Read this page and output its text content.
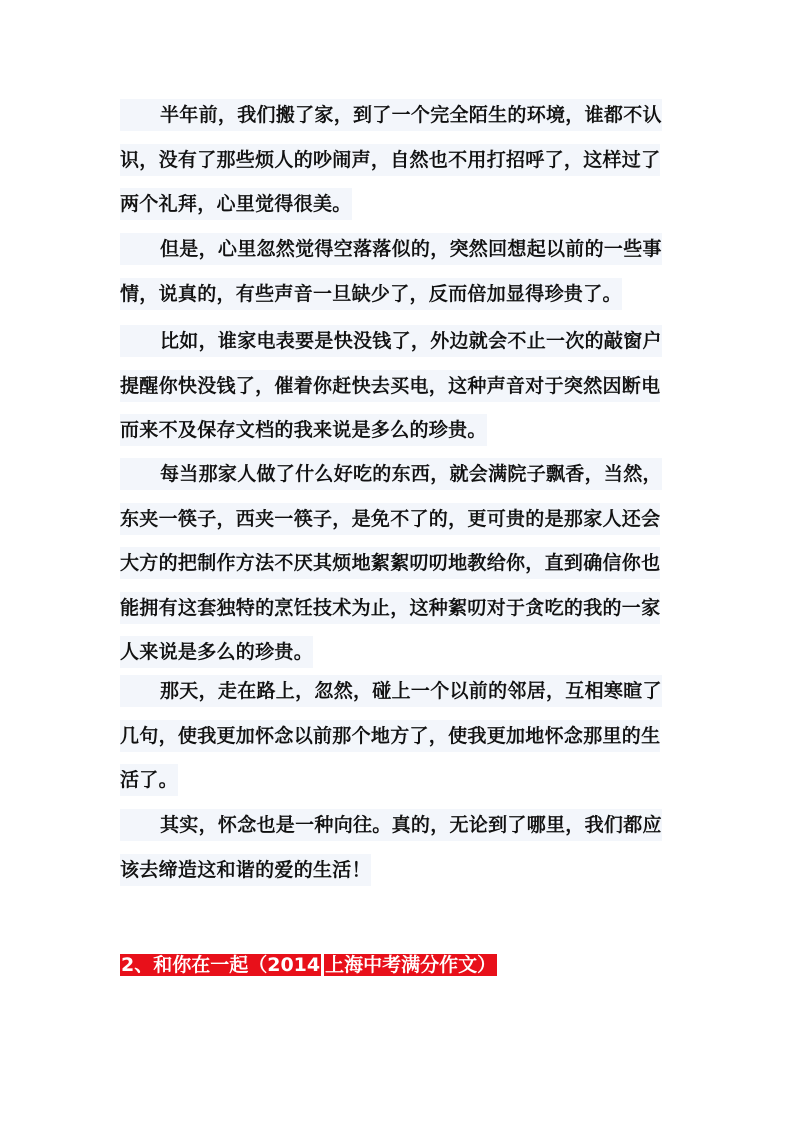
半年前，我们搬了家，到了一个完全陌生的环境，谁都不认
识，没有了那些烦人的吵闹声，自然也不用打招呼了，这样过了
两个礼拜，心里觉得很美。
但是，心里忽然觉得空落落似的，突然回想起以前的一些事
情，说真的，有些声音一旦缺少了，反而倍加显得珍贵了。
比如，谁家电表要是快没钱了，外边就会不止一次的敲窗户
提醒你快没钱了，催着你赶快去买电，这种声音对于突然因断电
而来不及保存文档的我来说是多么的珍贵。
每当那家人做了什么好吃的东西，就会满院子飘香，当然，
东夹一筷子，西夹一筷子，是免不了的，更可贵的是那家人还会
大方的把制作方法不厌其烦地絮絮叨叨地教给你，直到确信你也
能拥有这套独特的烹饪技术为止，这种絮叨对于贪吃的我的一家
人来说是多么的珍贵。
那天，走在路上，忽然，碰上一个以前的邻居，互相寒暄了
几句，使我更加怀念以前那个地方了，使我更加地怀念那里的生
活了。
其实，怀念也是一种向往。真的，无论到了哪里，我们都应
该去缔造这和谐的爱的生活！
2、和你在一起（2014 上海中考满分作文）
